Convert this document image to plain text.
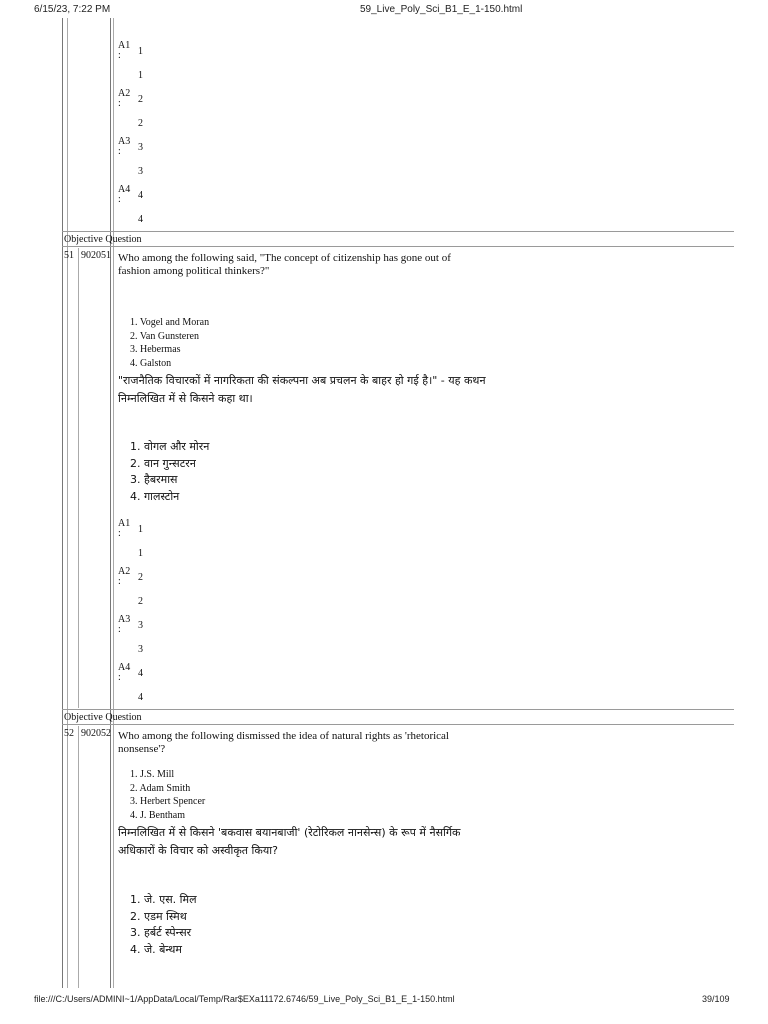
6/15/23, 7:22 PM	59_Live_Poly_Sci_B1_E_1-150.html
A1
: 1
1
A2
: 2
2
A3
: 3
3
A4
: 4
4
Objective Question
51 902051 Who among the following said, "The concept of citizenship has gone out of fashion among political thinkers?"
1. Vogel and Moran
2. Van Gunsteren
3. Hebermas
4. Galston
"राजनैतिक विचारकों में नागरिकता की संकल्पना अब प्रचलन के बाहर हो गई है।" - यह कथन निम्नलिखित में से किसने कहा था।
1. वोगल और मोरन
2. वान गुन्सटरन
3. हैबरमास
4. गालस्टोन
A1
: 1
1
A2
: 2
2
A3
: 3
3
A4
: 4
4
Objective Question
52 902052 Who among the following dismissed the idea of natural rights as 'rhetorical nonsense'?
1. J.S. Mill
2. Adam Smith
3. Herbert Spencer
4. J. Bentham
निम्नलिखित में से किसने 'बकवास बयानबाजी' (रेटोरिकल नानसेन्स) के रूप में नैसर्गिक अधिकारों के विचार को अस्वीकृत किया?
1. जे. एस. मिल
2. एडम स्मिथ
3. हर्बर्ट स्पेन्सर
4. जे. बेन्थम
file:///C:/Users/ADMINI~1/AppData/Local/Temp/Rar$EXa11172.6746/59_Live_Poly_Sci_B1_E_1-150.html	39/109
